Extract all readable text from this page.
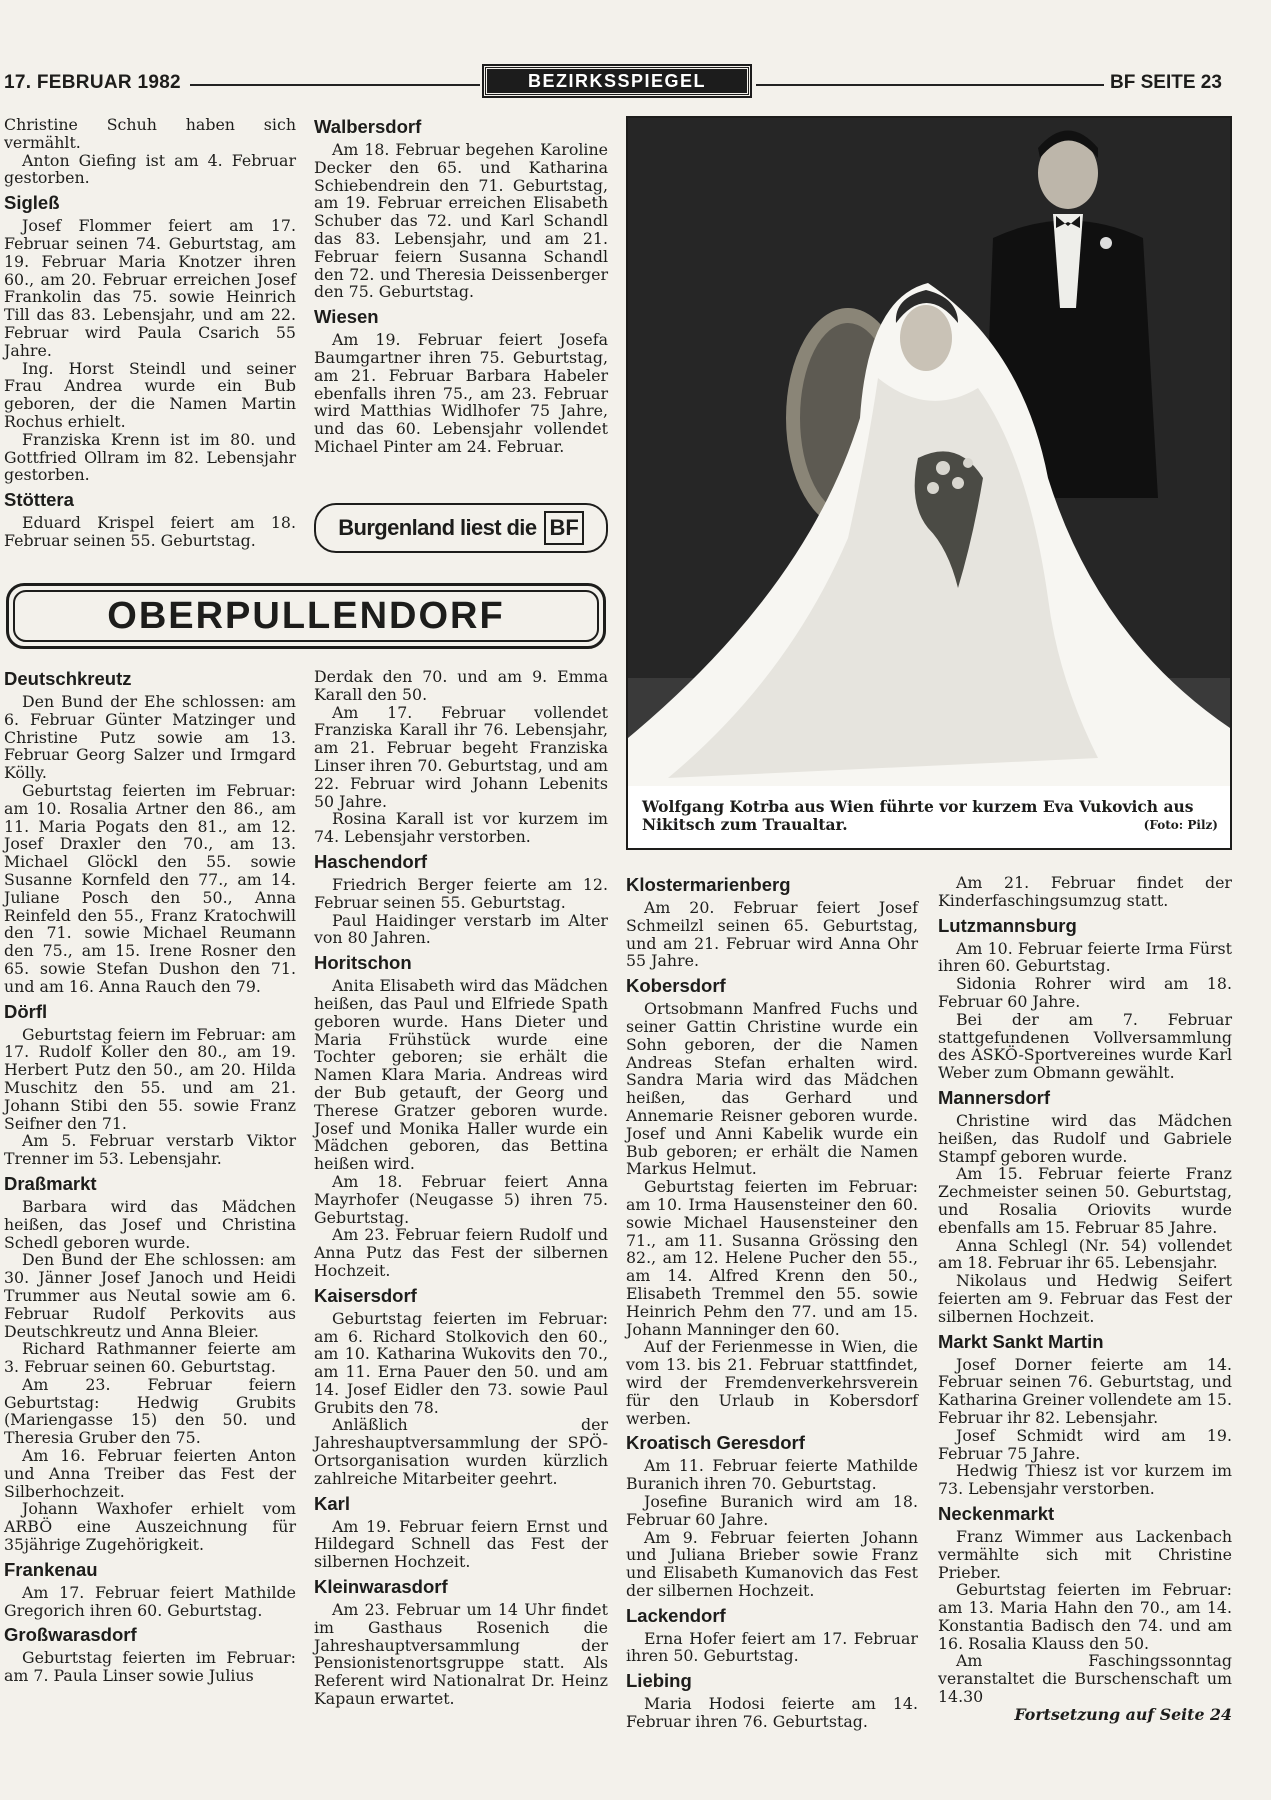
17. FEBRUAR 1982	BEZIRKSSPIEGEL	BF SEITE 23

Christine Schuh haben sich vermählt.

Anton Giefing ist am 4. Februar gestorben.

Sigleß

Josef Flommer feiert am 17. Februar seinen 74. Geburtstag, am 19. Februar Maria Knotzer ihren 60., am 20. Februar erreichen Josef Frankolin das 75. sowie Heinrich Till das 83. Lebensjahr, und am 22. Februar wird Paula Csarich 55 Jahre.

Ing. Horst Steindl und seiner Frau Andrea wurde ein Bub geboren, der die Namen Martin Rochus erhielt.

Franziska Krenn ist im 80. und Gottfried Ollram im 82. Lebensjahr gestorben.

Stöttera

Eduard Krispel feiert am 18. Februar seinen 55. Geburtstag.

Walbersdorf

Am 18. Februar begehen Karoline Decker den 65. und Katharina Schiebendrein den 71. Geburtstag, am 19. Februar erreichen Elisabeth Schuber das 72. und Karl Schandl das 83. Lebensjahr, und am 21. Februar feiern Susanna Schandl den 72. und Theresia Deissenberger den 75. Geburtstag.

Wiesen

Am 19. Februar feiert Josefa Baumgartner ihren 75. Geburtstag, am 21. Februar Barbara Habeler ebenfalls ihren 75., am 23. Februar wird Matthias Widlhofer 75 Jahre, und das 60. Lebensjahr vollendet Michael Pinter am 24. Februar.

Burgenland liest die BF
OBERPULLENDORF
Wolfgang Kotrba aus Wien führte vor kurzem Eva Vukovich aus Nikitsch zum Traualtar.	(Foto: Pilz)
Deutschkreutz

Den Bund der Ehe schlossen: am 6. Februar Günter Matzinger und Christine Putz sowie am 13. Februar Georg Salzer und Irmgard Kölly.

Geburtstag feierten im Februar: am 10. Rosalia Artner den 86., am 11. Maria Pogats den 81., am 12. Josef Draxler den 70., am 13. Michael Glöckl den 55. sowie Susanne Kornfeld den 77., am 14. Juliane Posch den 50., Anna Reinfeld den 55., Franz Kratochwill den 71. sowie Michael Reumann den 75., am 15. Irene Rosner den 65. sowie Stefan Dushon den 71. und am 16. Anna Rauch den 79.

Dörfl

Geburtstag feiern im Februar: am 17. Rudolf Koller den 80., am 19. Herbert Putz den 50., am 20. Hilda Muschitz den 55. und am 21. Johann Stibi den 55. sowie Franz Seifner den 71.

Am 5. Februar verstarb Viktor Trenner im 53. Lebensjahr.

Draßmarkt

Barbara wird das Mädchen heißen, das Josef und Christina Schedl geboren wurde.

Den Bund der Ehe schlossen: am 30. Jänner Josef Janoch und Heidi Trummer aus Neutal sowie am 6. Februar Rudolf Perkovits aus Deutschkreutz und Anna Bleier.

Richard Rathmanner feierte am 3. Februar seinen 60. Geburtstag.

Am 23. Februar feiern Geburtstag: Hedwig Grubits (Mariengasse 15) den 50. und Theresia Gruber den 75.

Am 16. Februar feierten Anton und Anna Treiber das Fest der Silberhochzeit.

Johann Waxhofer erhielt vom ARBÖ eine Auszeichnung für 35jährige Zugehörigkeit.

Frankenau

Am 17. Februar feiert Mathilde Gregorich ihren 60. Geburtstag.

Großwarasdorf

Geburtstag feierten im Februar: am 7. Paula Linser sowie Julius

Derdak den 70. und am 9. Emma Karall den 50.

Am 17. Februar vollendet Franziska Karall ihr 76. Lebensjahr, am 21. Februar begeht Franziska Linser ihren 70. Geburtstag, und am 22. Februar wird Johann Lebenits 50 Jahre.

Rosina Karall ist vor kurzem im 74. Lebensjahr verstorben.

Haschendorf

Friedrich Berger feierte am 12. Februar seinen 55. Geburtstag.

Paul Haidinger verstarb im Alter von 80 Jahren.

Horitschon

Anita Elisabeth wird das Mädchen heißen, das Paul und Elfriede Spath geboren wurde. Hans Dieter und Maria Frühstück wurde eine Tochter geboren; sie erhält die Namen Klara Maria. Andreas wird der Bub getauft, der Georg und Therese Gratzer geboren wurde. Josef und Monika Haller wurde ein Mädchen geboren, das Bettina heißen wird.

Am 18. Februar feiert Anna Mayrhofer (Neugasse 5) ihren 75. Geburtstag.

Am 23. Februar feiern Rudolf und Anna Putz das Fest der silbernen Hochzeit.

Kaisersdorf

Geburtstag feierten im Februar: am 6. Richard Stolkovich den 60., am 10. Katharina Wukovits den 70., am 11. Erna Pauer den 50. und am 14. Josef Eidler den 73. sowie Paul Grubits den 78.

Anläßlich der Jahreshauptversammlung der SPÖ-Ortsorganisation wurden kürzlich zahlreiche Mitarbeiter geehrt.

Karl

Am 19. Februar feiern Ernst und Hildegard Schnell das Fest der silbernen Hochzeit.

Kleinwarasdorf

Am 23. Februar um 14 Uhr findet im Gasthaus Rosenich die Jahreshauptversammlung der Pensionistenortsgruppe statt. Als Referent wird Nationalrat Dr. Heinz Kapaun erwartet.

Klostermarienberg

Am 20. Februar feiert Josef Schmeilzl seinen 65. Geburtstag, und am 21. Februar wird Anna Ohr 55 Jahre.

Kobersdorf

Ortsobmann Manfred Fuchs und seiner Gattin Christine wurde ein Sohn geboren, der die Namen Andreas Stefan erhalten wird. Sandra Maria wird das Mädchen heißen, das Gerhard und Annemarie Reisner geboren wurde. Josef und Anni Kabelik wurde ein Bub geboren; er erhält die Namen Markus Helmut.

Geburtstag feierten im Februar: am 10. Irma Hausensteiner den 60. sowie Michael Hausensteiner den 71., am 11. Susanna Grössing den 82., am 12. Helene Pucher den 55., am 14. Alfred Krenn den 50., Elisabeth Tremmel den 55. sowie Heinrich Pehm den 77. und am 15. Johann Manninger den 60.

Auf der Ferienmesse in Wien, die vom 13. bis 21. Februar stattfindet, wird der Fremdenverkehrsverein für den Urlaub in Kobersdorf werben.

Kroatisch Geresdorf

Am 11. Februar feierte Mathilde Buranich ihren 70. Geburtstag.

Josefine Buranich wird am 18. Februar 60 Jahre.

Am 9. Februar feierten Johann und Juliana Brieber sowie Franz und Elisabeth Kumanovich das Fest der silbernen Hochzeit.

Lackendorf

Erna Hofer feiert am 17. Februar ihren 50. Geburtstag.

Liebing

Maria Hodosi feierte am 14. Februar ihren 76. Geburtstag.

Am 21. Februar findet der Kinderfaschingsumzug statt.

Lutzmannsburg

Am 10. Februar feierte Irma Fürst ihren 60. Geburtstag.

Sidonia Rohrer wird am 18. Februar 60 Jahre.

Bei der am 7. Februar stattgefundenen Vollversammlung des ASKÖ-Sportvereines wurde Karl Weber zum Obmann gewählt.

Mannersdorf

Christine wird das Mädchen heißen, das Rudolf und Gabriele Stampf geboren wurde.

Am 15. Februar feierte Franz Zechmeister seinen 50. Geburtstag, und Rosalia Oriovits wurde ebenfalls am 15. Februar 85 Jahre.

Anna Schlegl (Nr. 54) vollendet am 18. Februar ihr 65. Lebensjahr.

Nikolaus und Hedwig Seifert feierten am 9. Februar das Fest der silbernen Hochzeit.

Markt Sankt Martin

Josef Dorner feierte am 14. Februar seinen 76. Geburtstag, und Katharina Greiner vollendete am 15. Februar ihr 82. Lebensjahr.

Josef Schmidt wird am 19. Februar 75 Jahre.

Hedwig Thiesz ist vor kurzem im 73. Lebensjahr verstorben.

Neckenmarkt

Franz Wimmer aus Lackenbach vermählte sich mit Christine Prieber.

Geburtstag feierten im Februar: am 13. Maria Hahn den 70., am 14. Konstantia Badisch den 74. und am 16. Rosalia Klauss den 50.

Am Faschingssonntag veranstaltet die Burschenschaft um 14.30

Fortsetzung auf Seite 24
